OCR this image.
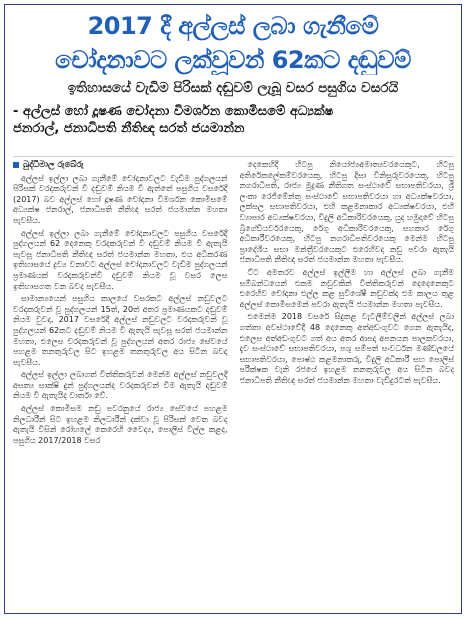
2017 දී අල්ලස් ලබා ගැනීමේ
චෝදනාවට ලක්වූවන් 62කට දඬුවම්
ඉතිහාසයේ වැඩිම පිරිසක් දඬුවම් ලැබූ වසර පසුගිය වසරයි
- අල්ලස් හෝ දූෂණ චෝදනා විමර්ශන කොමිසමේ අධ්‍යක්ෂ
ජනරාල්, ජනාධිපති නීතිඥ සරත් ජයමාන්න
බුද්ධිමාල රුබේරු

අල්ලස් ඉල්ලා ලබා ගැනීමේ චෝදනාවලට වැඩිම පුද්ගලයන් පිරිසක් වරදකරුවන් වී දඬුවම් නියම වී ඇත්තේ පසුගිය වසරේදී (2017) බව අල්ලස් හෝ දූෂණ චෝදනා විමර්ශන කොමිසමේ අධ්‍යක්ෂ ජනරාල්, ජනාධිපති නීතිඥ සරත් ජයමාන්න මහතා පැවසීය.

අල්ලස් ඉල්ලා ලබා ගැනීමේ චෝදනාවලට පසුගිය වසරේදී පුද්ගලයන් 62 දෙනෙකු වරදකරුවන් වී දඬුවම් නියම වී ඇතැයි පැවසූ ජනාධිපති නීතිඥ සරත් ජයමාන්න මහතා, එය අධිකරණ ඉතිහාසයේ ද්‍රව්‍ය වනාවට අල්ලස් චෝදනාවලට වැඩිම පුද්ගලයන් ප්‍රමාණයක් වරදකරුවන්වී දඬුවම් නියම වූ වසර ලෙස ඉතිහාසගත වන බවද පැවසීය.

සාමාන්‍යයෙන් පසුගිය කාලයේ වසරකට අල්ලස් නඩුවලට වරදකරුවන් වූ පුද්ගලයන් 15ත්, 20ත් අතර ප්‍රමාණයකට දඬුවම් නියම වුවද, 2017 වසරේදී අල්ලස් නඩුවලට වරදකරුවන් වූ පුද්ගලයන් 62කට දඬුවම් නියම වී ඇතැයි පැවසූ සරත් ජයමාන්න මහතා, එලෙස වරදකරුවන් වූ පුද්ගලයන් අතර රාජ්‍ය සේවයේ පහළම තනතුරුවල සිට ඉහළම තනතුරුවල අය සිටින බවද පැවසීය.

අල්ලස් ඉල්ලා ලබාගත් විත්තිකරුවන් මෙන්ම අල්ලස් නඩුවලදී අසත්‍ය සාක්ෂි දුන් පුද්ගලයන්ද වරදකරුවන් වීම ඇතැයි දඬුවම් නියම වී ඇතැයිද වාර්තා වේ.

අල්ලස් කොමිසම නඩු පවරනුයේ රාජ්‍ය සේවයේ පහළම නිලධාරීන් සිට ඉහළම නිලධාරීන් දක්වා වූ පිරිසක් වෙත බවද ඇතැයි විසින් රෝහලේ කෙරෙහි වෛද්‍ය, පොලිස් විල්ල කළද, පසුගිය 2017/2018 වසර

දෙකෙහිදී හිටපු නියෝජ්‍යඅමාත්‍යවරයෙකුට, හිටපු අතිරේකලේකම්වරයෙකු, හිටපු දිසා විනිසුරුවරයෙකු, හිටපු නගරාධිපති, රාජ්‍ය මුද්‍රණ නීතිගත සංස්ථාවේ සභාපතිවරයා, ශ්‍රී ලංකා රෙජිමේන්තු සංස්ථාවේ සභාපතිවරයා හා අධ්‍යක්ෂවරයා, ලක්සල සභාපතිවරයා, එහි කළමනාකාර අධ්‍යක්ෂවරයා, එහි ව්‍යාපාර අධ්‍යක්ෂවරයා, විදුලි අධිකාරිවරයෙකු, යුද හමුදාවේ හිටපු බ්‍රිගේඩියර්වරයෙකු, රේගු අධිකාරිවරයෙකු, සහකාර රේගු අධිකාරීවරයෙකු, හිටපු නගරාධිපතිවරයෙකු මෙන්ම හිටපු ප්‍රාදේශීය සභා මන්ත්‍රීවරයෙකුට එරෙහිවද නඩු පවරා ඇතැයි ජනාධිපති නීතිඥ සරත් ජයමාන්න මහතා පැවසීය.

ට්ට අමතරව අල්ලස් ඉල්ලීම හා අල්ලස් ලබා ගැනීම සම්බන්ධයෙන් එකම නඩුවකින් විත්තිකරුවන් දෙදෙනෙකුට එරෙහිව චෝදනා එල්ල කළ සුවිශේෂී නඩුවක්ද එම කාලය තුළ අල්ලස් කොමිසමෙන් පවරා ඇතැයි ජයමාන්න මහතා පැවසීය.

එමෙන්ම 2018 වසරේ සිදුකළ වැටලීම්වලින් අල්ලස් ලබා ගත්තා අවස්ථාවේදී 48 දෙනෙකු අත්අඩංගුවට ගෙන ඇතැයිද, එලෙස අත්අඩංගුවට ගත් අය අතර ආපදා අපනයන පාලකවරයා, දැව සංස්ථාවේ සභාපතිවරයා, පශු සම්පත් සංවර්ධන මණ්ඩලයේ සභාපතිවරයා, පොෂ්ඨ කළමනාකරු, විදුලි අධිකාරී සහ පොලිස් පරීක්ෂක වැනි රජයේ ඉහළම තනතුරුවල අය සිටින බවද ජනාධිපති නීතිඥ සරත් ජයමාන්න මහතා වැඩිදුරටත් පැවසීය.
